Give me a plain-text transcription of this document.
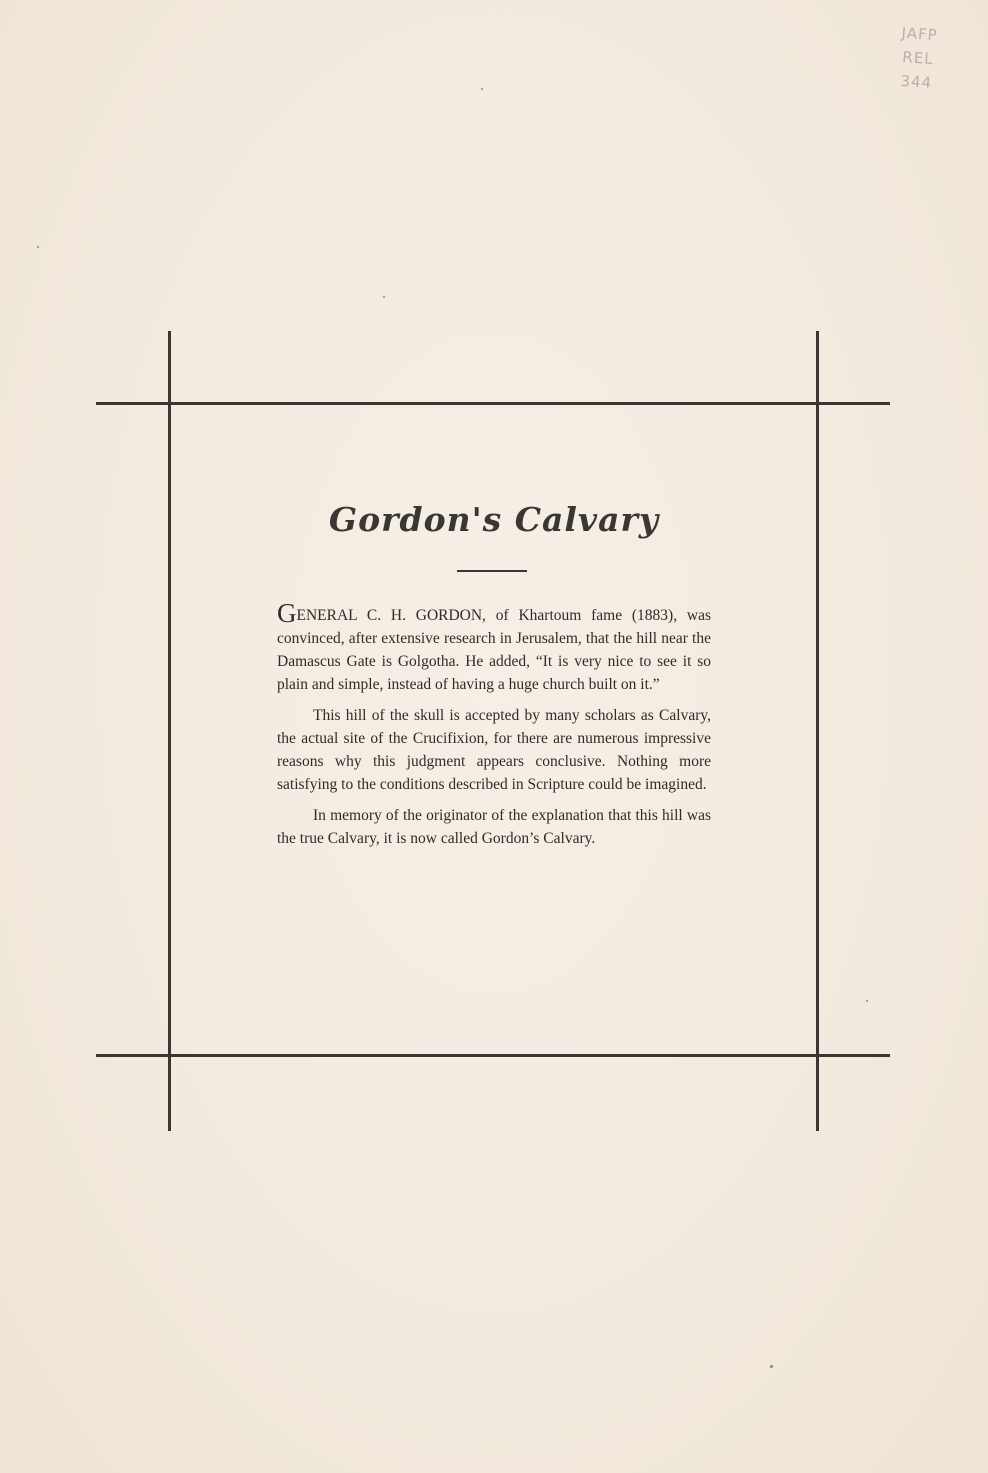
JAFP
REL
344
Gordon's Calvary

GENERAL C. H. GORDON, of Khartoum fame (1883), was convinced, after extensive research in Jerusalem, that the hill near the Damascus Gate is Golgotha. He added, “It is very nice to see it so plain and simple, instead of having a huge church built on it.”

This hill of the skull is accepted by many scholars as Calvary, the actual site of the Crucifixion, for there are numerous impressive reasons why this judgment appears conclusive. Nothing more satisfying to the conditions described in Scripture could be imagined.

In memory of the originator of the explanation that this hill was the true Calvary, it is now called Gordon’s Calvary.
